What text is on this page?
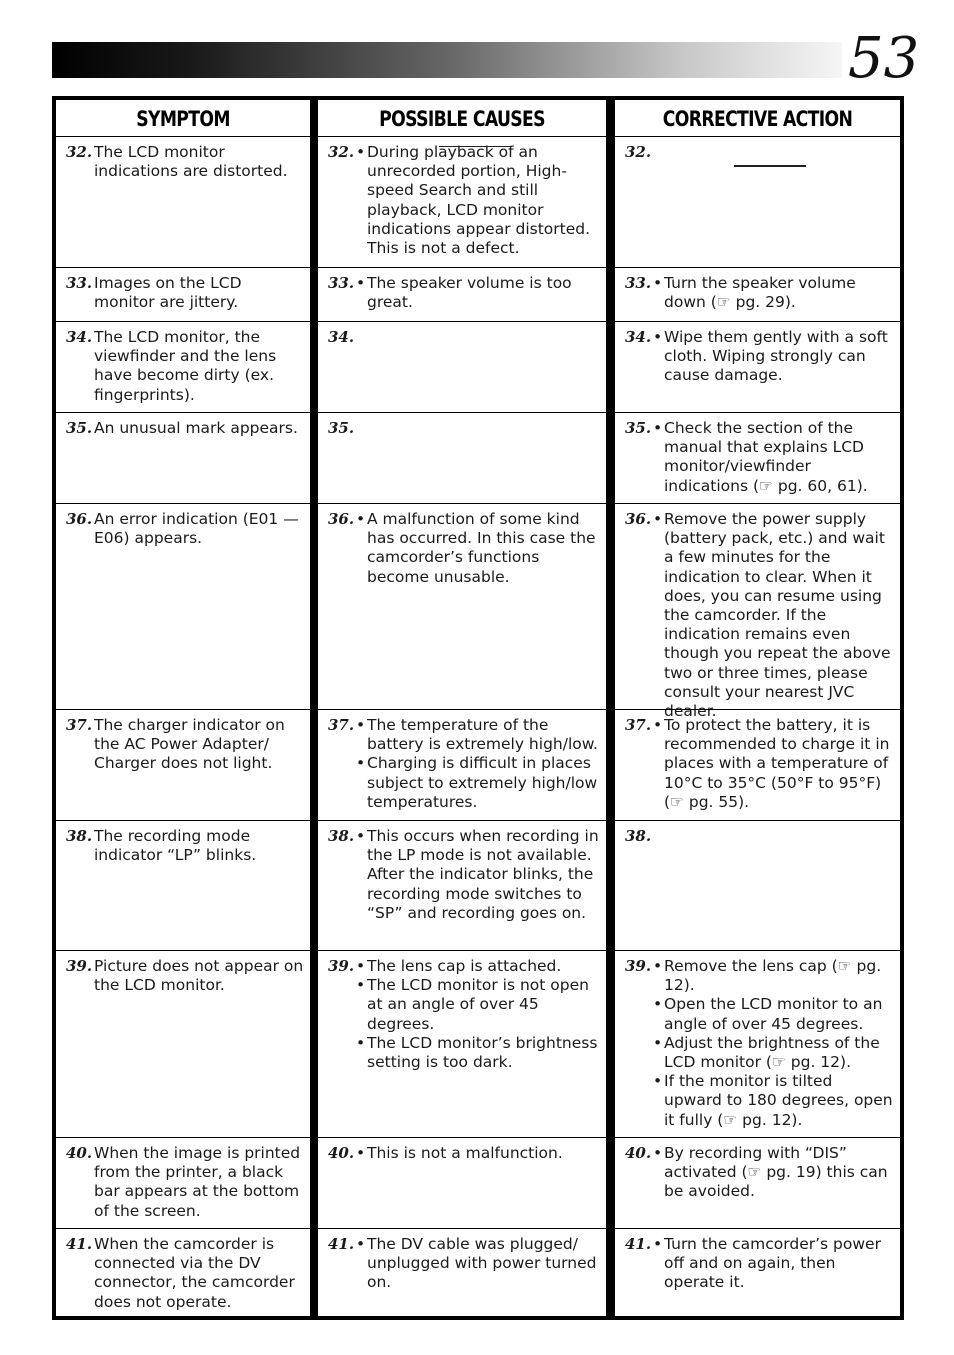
53
SYMPTOM
32. The LCD monitor indications are distorted.

33. Images on the LCD monitor are jittery.

34. The LCD monitor, the viewfinder and the lens have become dirty (ex. fingerprints).

35. An unusual mark appears.

36. An error indication (E01 — E06) appears.

37. The charger indicator on the AC Power Adapter/ Charger does not light.

38. The recording mode indicator “LP” blinks.

39. Picture does not appear on the LCD monitor.

40. When the image is printed from the printer, a black bar appears at the bottom of the screen.

41. When the camcorder is connected via the DV connector, the camcorder does not operate.

POSSIBLE CAUSES
32. • During playback of an unrecorded portion, High-speed Search and still playback, LCD monitor indications appear distorted. This is not a defect.

33. • The speaker volume is too great.

34.
35.
36. • A malfunction of some kind has occurred. In this case the camcorder’s functions become unusable.

37. • The temperature of the battery is extremely high/low.

• Charging is difficult in places subject to extremely high/low temperatures.

38. • This occurs when recording in the LP mode is not available. After the indicator blinks, the recording mode switches to “SP” and recording goes on.

39. • The lens cap is attached.

• The LCD monitor is not open at an angle of over 45 degrees.

• The LCD monitor’s brightness setting is too dark.

40. • This is not a malfunction.

41. • The DV cable was plugged/ unplugged with power turned on.

CORRECTIVE ACTION
32.
33. • Turn the speaker volume down (☞ pg. 29).

34. • Wipe them gently with a soft cloth. Wiping strongly can cause damage.

35. • Check the section of the manual that explains LCD monitor/viewfinder indications (☞ pg. 60, 61).

36. • Remove the power supply (battery pack, etc.) and wait a few minutes for the indication to clear. When it does, you can resume using the camcorder. If the indication remains even though you repeat the above two or three times, please consult your nearest JVC dealer.

37. • To protect the battery, it is recommended to charge it in places with a temperature of 10°C to 35°C (50°F to 95°F) (☞ pg. 55).

38.
39. • Remove the lens cap (☞ pg. 12).

• Open the LCD monitor to an angle of over 45 degrees.

• Adjust the brightness of the LCD monitor (☞ pg. 12).

• If the monitor is tilted upward to 180 degrees, open it fully (☞ pg. 12).

40. • By recording with “DIS” activated (☞ pg. 19) this can be avoided.

41. • Turn the camcorder’s power off and on again, then operate it.
